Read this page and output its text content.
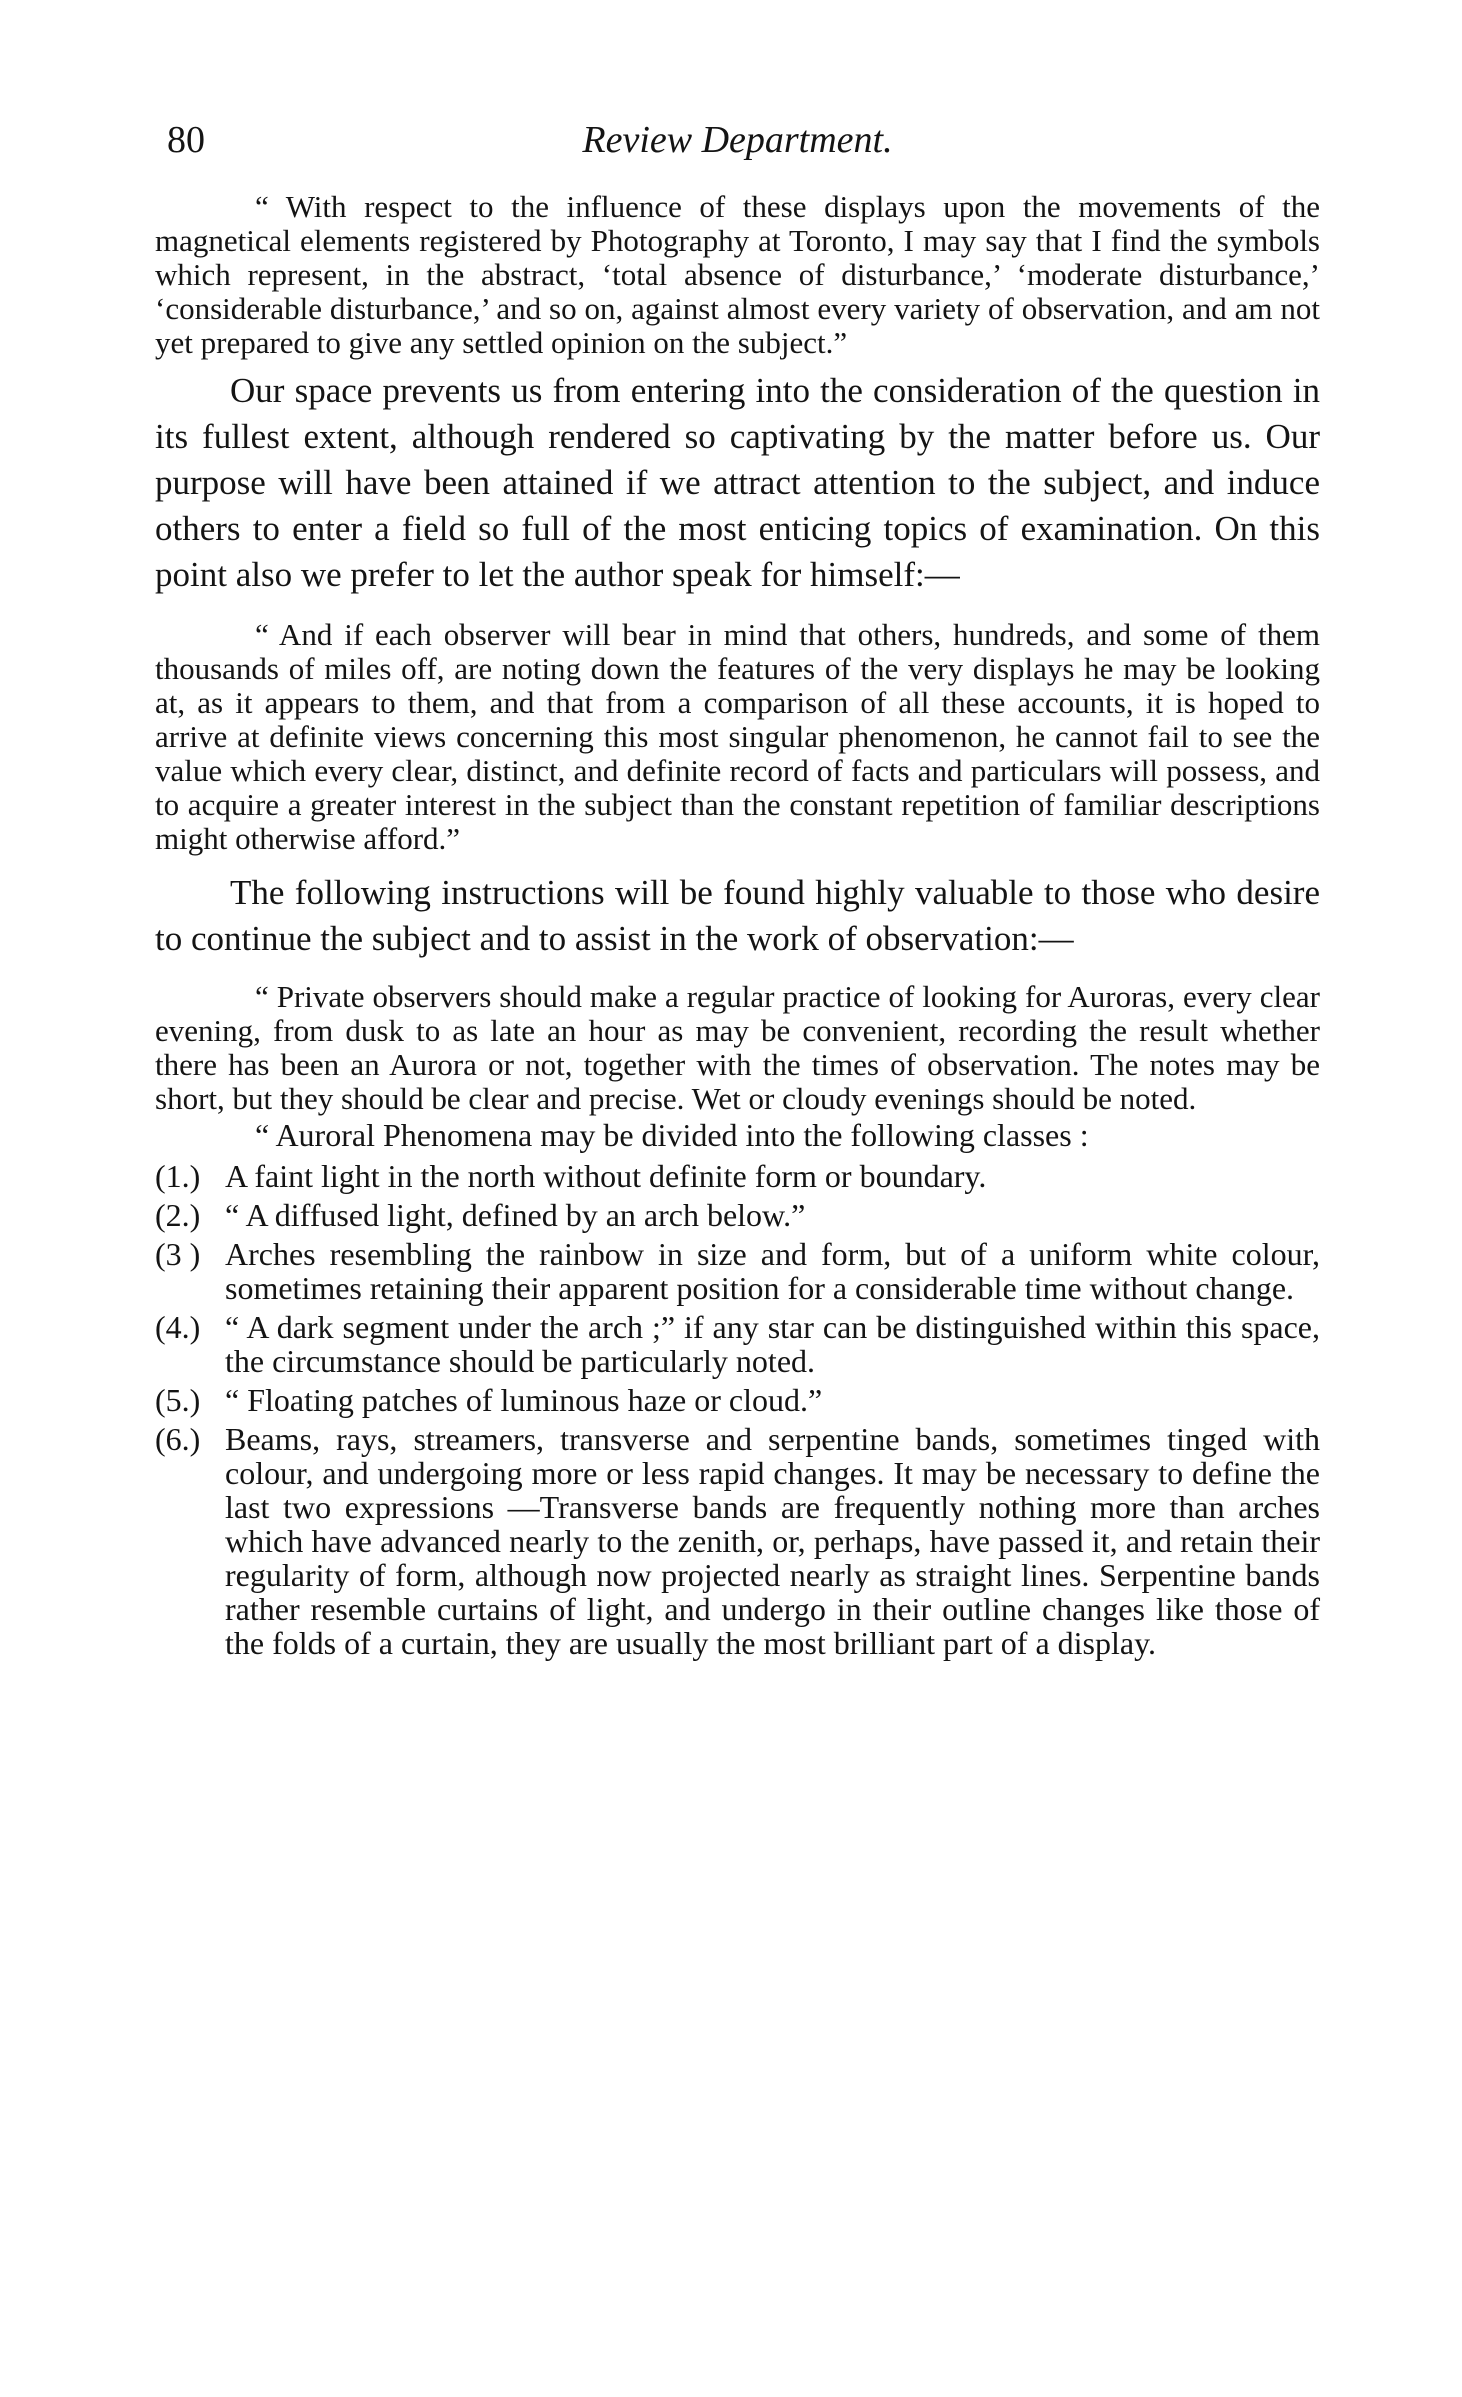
80	Review Department.

“ With respect to the influence of these displays upon the movements of the magnetical elements registered by Photography at Toronto, I may say that I find the symbols which represent, in the abstract, ‘total absence of disturbance,’ ‘moderate disturbance,’ ‘considerable disturbance,’ and so on, against almost every variety of observation, and am not yet prepared to give any settled opinion on the subject.”

Our space prevents us from entering into the consideration of the question in its fullest extent, although rendered so captivating by the matter before us. Our purpose will have been attained if we attract attention to the subject, and induce others to enter a field so full of the most enticing topics of examination. On this point also we prefer to let the author speak for himself:—

“ And if each observer will bear in mind that others, hundreds, and some of them thousands of miles off, are noting down the features of the very displays he may be looking at, as it appears to them, and that from a comparison of all these accounts, it is hoped to arrive at definite views concerning this most singular phenomenon, he cannot fail to see the value which every clear, distinct, and definite record of facts and particulars will possess, and to acquire a greater interest in the subject than the constant repetition of familiar descriptions might otherwise afford.”

The following instructions will be found highly valuable to those who desire to continue the subject and to assist in the work of observation:—

“ Private observers should make a regular practice of looking for Auroras, every clear evening, from dusk to as late an hour as may be convenient, recording the result whether there has been an Aurora or not, together with the times of observation. The notes may be short, but they should be clear and precise. Wet or cloudy evenings should be noted.

“ Auroral Phenomena may be divided into the following classes :

(1.) A faint light in the north without definite form or boundary.
(2.) “ A diffused light, defined by an arch below.”
(3 ) Arches resembling the rainbow in size and form, but of a uniform white colour, sometimes retaining their apparent position for a considerable time without change.
(4.) “ A dark segment under the arch ;” if any star can be distinguished within this space, the circumstance should be particularly noted.
(5.) “ Floating patches of luminous haze or cloud.”
(6.) Beams, rays, streamers, transverse and serpentine bands, sometimes tinged with colour, and undergoing more or less rapid changes. It may be necessary to define the last two expressions —Transverse bands are frequently nothing more than arches which have advanced nearly to the zenith, or, perhaps, have passed it, and retain their regularity of form, although now projected nearly as straight lines. Serpentine bands rather resemble curtains of light, and undergo in their outline changes like those of the folds of a curtain, they are usually the most brilliant part of a display.
